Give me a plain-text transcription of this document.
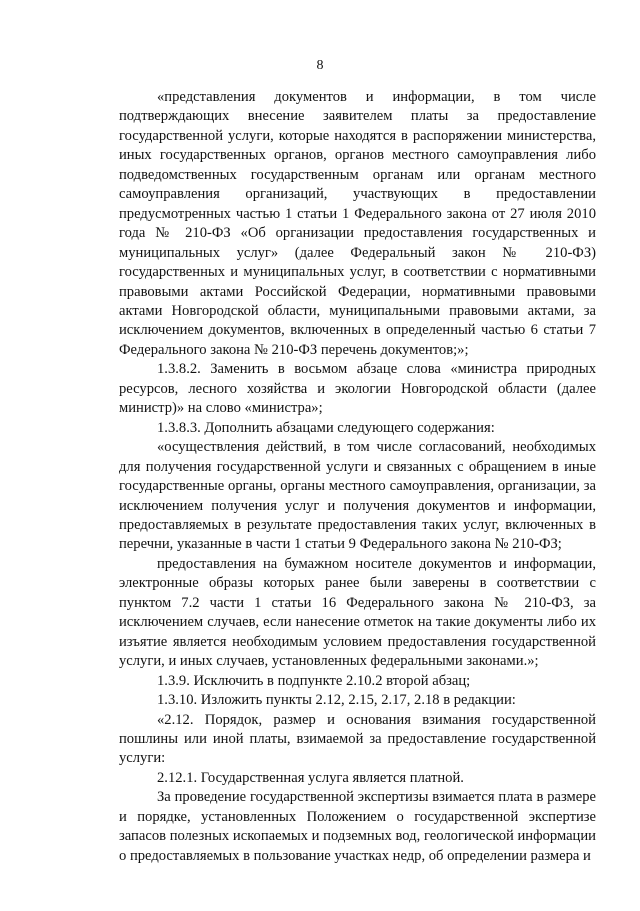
8

«представления документов и информации, в том числе подтверждающих внесение заявителем платы за предоставление государственной услуги, которые находятся в распоряжении министерства, иных государственных органов, органов местного самоуправления либо подведомственных государственным органам или органам местного самоуправления организаций, участвующих в предоставлении предусмотренных частью 1 статьи 1 Федерального закона от 27 июля 2010 года № 210-ФЗ «Об организации предоставления государственных и муниципальных услуг» (далее Федеральный закон № 210-ФЗ) государственных и муниципальных услуг, в соответствии с нормативными правовыми актами Российской Федерации, нормативными правовыми актами Новгородской области, муниципальными правовыми актами, за исключением документов, включенных в определенный частью 6 статьи 7 Федерального закона № 210-ФЗ перечень документов;»;

1.3.8.2. Заменить в восьмом абзаце слова «министра природных ресурсов, лесного хозяйства и экологии Новгородской области (далее министр)» на слово «министра»;

1.3.8.3. Дополнить абзацами следующего содержания:

«осуществления действий, в том числе согласований, необходимых для получения государственной услуги и связанных с обращением в иные государственные органы, органы местного самоуправления, организации, за исключением получения услуг и получения документов и информации, предоставляемых в результате предоставления таких услуг, включенных в перечни, указанные в части 1 статьи 9 Федерального закона № 210-ФЗ;

предоставления на бумажном носителе документов и информации, электронные образы которых ранее были заверены в соответствии с пунктом 7.2 части 1 статьи 16 Федерального закона № 210-ФЗ, за исключением случаев, если нанесение отметок на такие документы либо их изъятие является необходимым условием предоставления государственной услуги, и иных случаев, установленных федеральными законами.»;

1.3.9. Исключить в подпункте 2.10.2 второй абзац;

1.3.10. Изложить пункты 2.12, 2.15, 2.17, 2.18 в редакции:

«2.12. Порядок, размер и основания взимания государственной пошлины или иной платы, взимаемой за предоставление государственной услуги:

2.12.1. Государственная услуга является платной.

За проведение государственной экспертизы взимается плата в размере и порядке, установленных Положением о государственной экспертизе запасов полезных ископаемых и подземных вод, геологической информации о предоставляемых в пользование участках недр, об определении размера и
